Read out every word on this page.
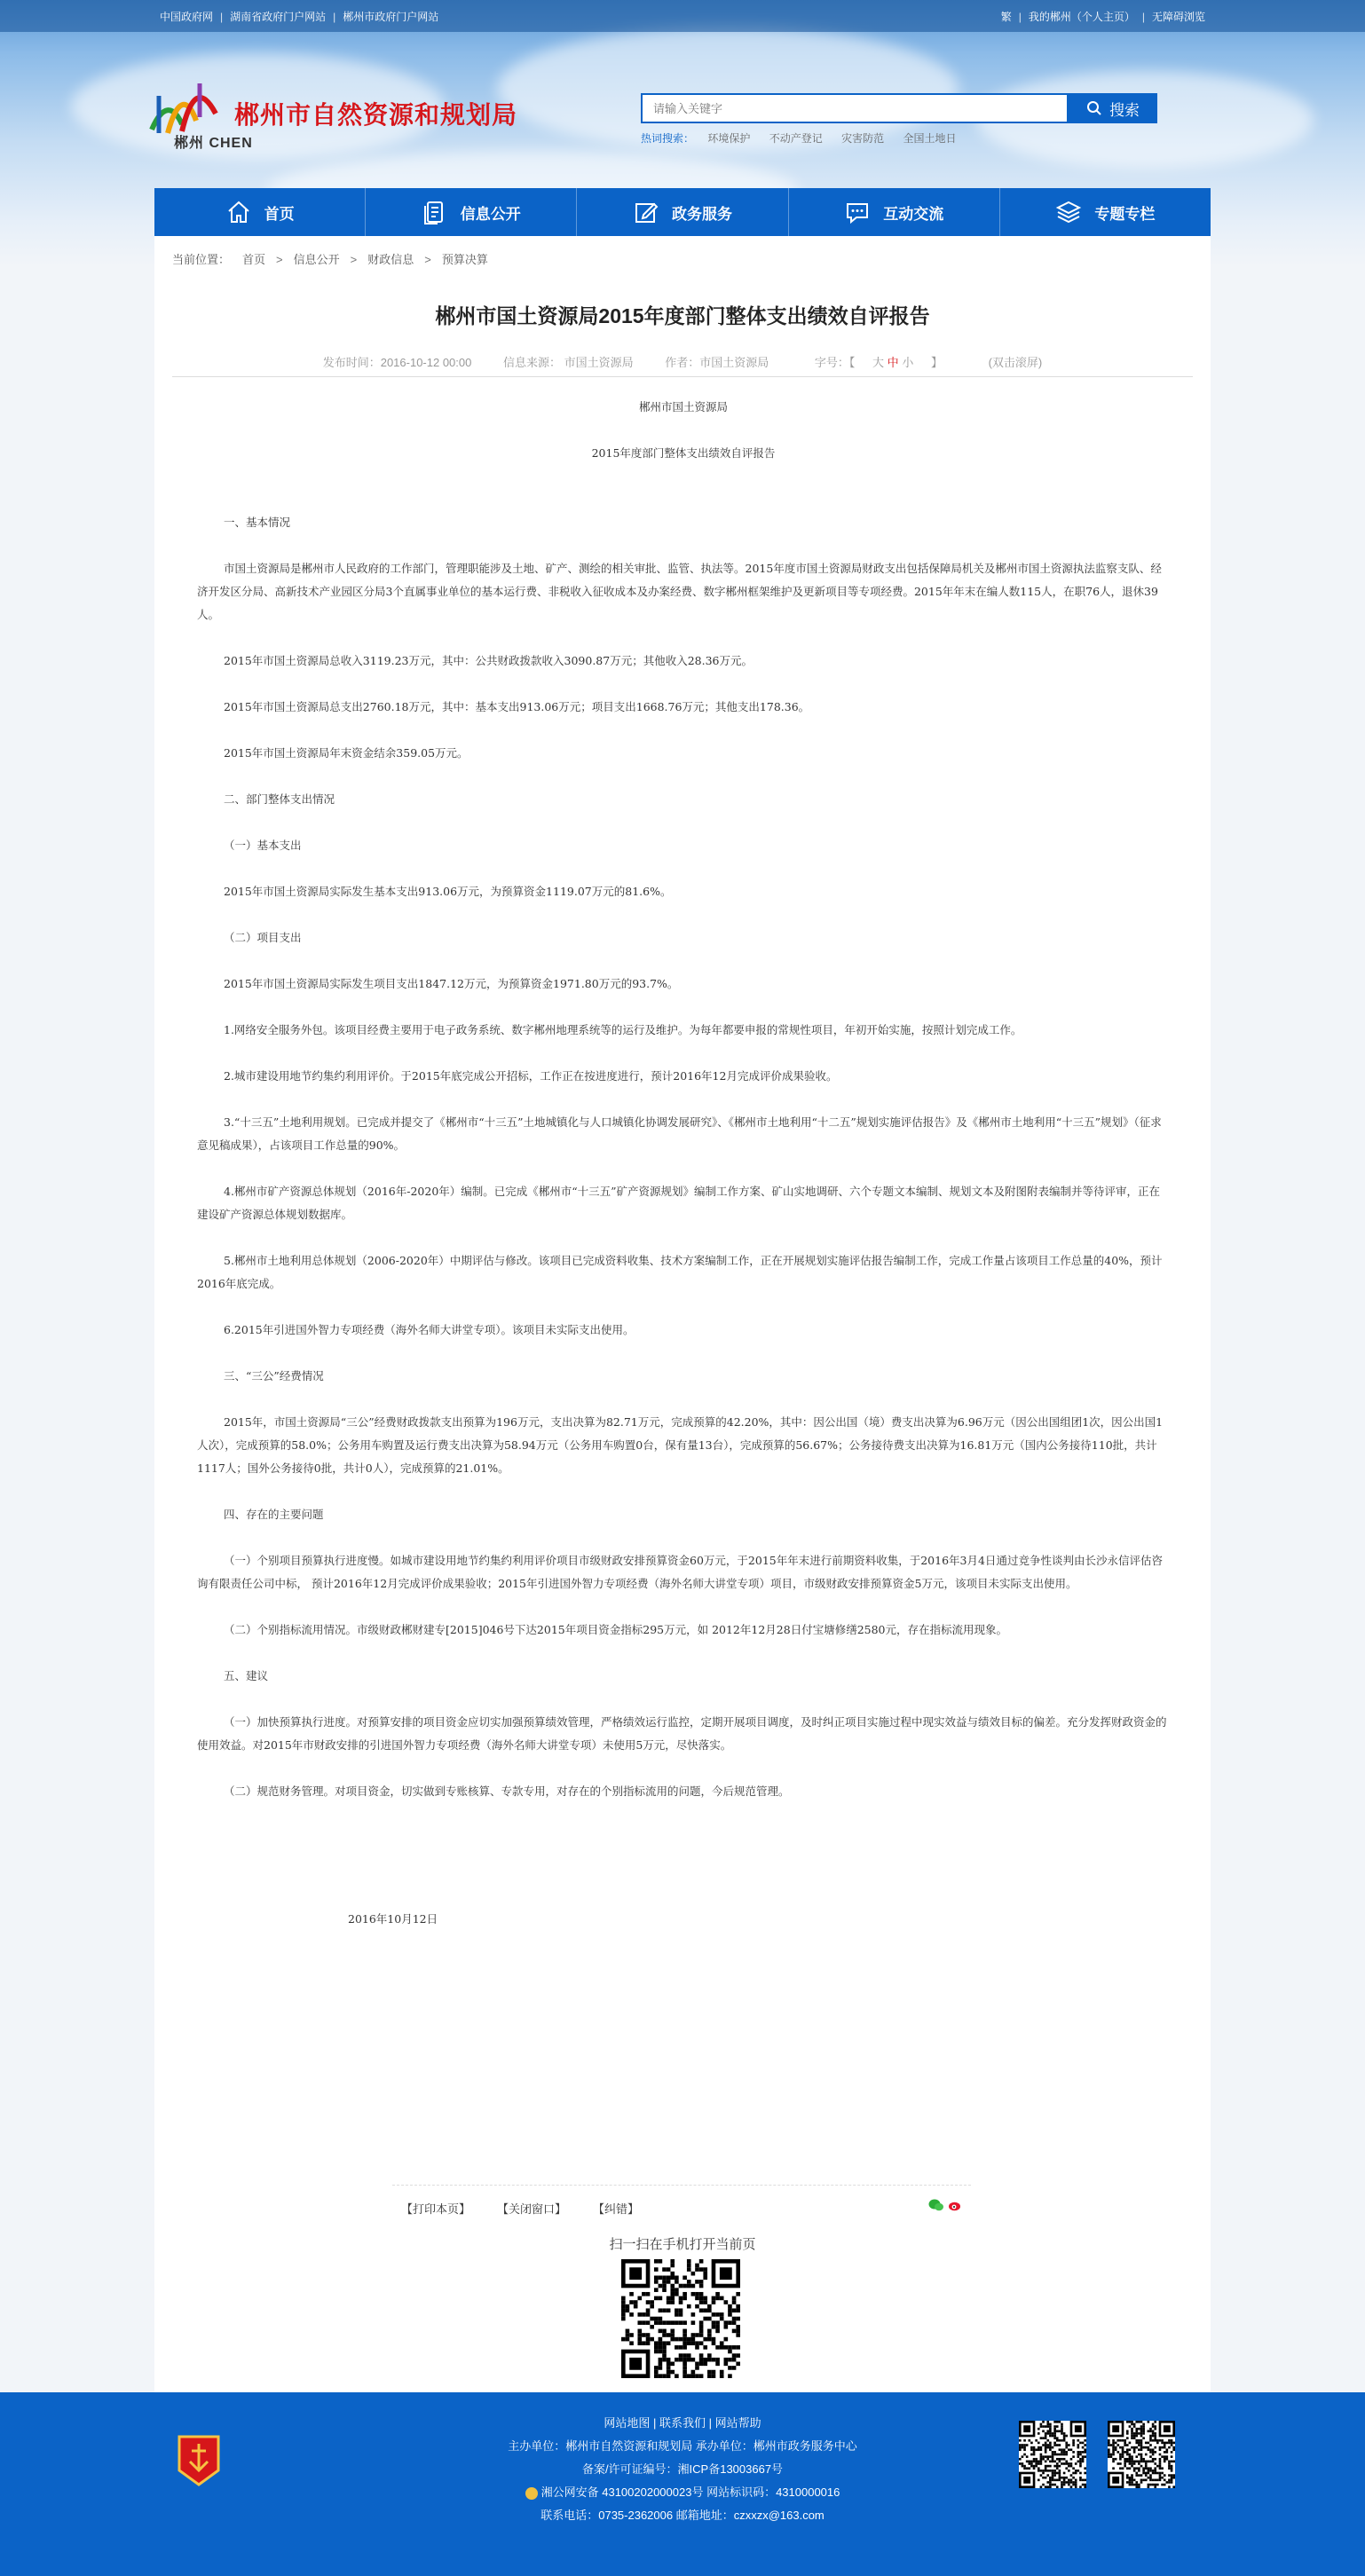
中国政府网 | 湖南省政府门户网站 | 郴州市政府门户网站	繁 | 我的郴州（个人主页） | 无障碍浏览
郴州 CHEN
郴州市自然资源和规划局
请输入关键字	搜索
热词搜索： 环境保护 不动产登记 灾害防范 全国土地日
首页	信息公开	政务服务	互动交流	专题专栏
当前位置： 首页 > 信息公开 > 财政信息 > 预算决算
郴州市国土资源局2015年度部门整体支出绩效自评报告
发布时间：2016-10-12 00:00	信息来源： 市国土资源局	作者：市国土资源局	字号：【 大 中 小 】	(双击滚屏)

郴州市国土资源局

2015年度部门整体支出绩效自评报告

一、基本情况

市国土资源局是郴州市人民政府的工作部门，管理职能涉及土地、矿产、测绘的相关审批、监管、执法等。2015年度市国土资源局财政支出包括保障局机关及郴州市国土资源执法监察支队、经济开发区分局、高新技术产业园区分局3个直属事业单位的基本运行费、非税收入征收成本及办案经费、数字郴州框架维护及更新项目等专项经费。2015年年末在编人数115人，在职76人，退休39人。

2015年市国土资源局总收入3119.23万元，其中：公共财政拨款收入3090.87万元；其他收入28.36万元。

2015年市国土资源局总支出2760.18万元，其中：基本支出913.06万元；项目支出1668.76万元；其他支出178.36。

2015年市国土资源局年末资金结余359.05万元。

二、部门整体支出情况

（一）基本支出

2015年市国土资源局实际发生基本支出913.06万元，为预算资金1119.07万元的81.6%。

（二）项目支出

2015年市国土资源局实际发生项目支出1847.12万元，为预算资金1971.80万元的93.7%。

1.网络安全服务外包。该项目经费主要用于电子政务系统、数字郴州地理系统等的运行及维护。为每年都要申报的常规性项目，年初开始实施，按照计划完成工作。

2.城市建设用地节约集约利用评价。于2015年底完成公开招标，工作正在按进度进行，预计2016年12月完成评价成果验收。

3.“十三五”土地利用规划。已完成并提交了《郴州市“十三五”土地城镇化与人口城镇化协调发展研究》、《郴州市土地利用“十二五”规划实施评估报告》及《郴州市土地利用“十三五”规划》（征求意见稿成果），占该项目工作总量的90%。

4.郴州市矿产资源总体规划（2016年-2020年）编制。已完成《郴州市“十三五”矿产资源规划》编制工作方案、矿山实地调研、六个专题文本编制、规划文本及附图附表编制并等待评审，正在建设矿产资源总体规划数据库。

5.郴州市土地利用总体规划（2006-2020年）中期评估与修改。该项目已完成资料收集、技术方案编制工作，正在开展规划实施评估报告编制工作，完成工作量占该项目工作总量的40%，预计2016年底完成。

6.2015年引进国外智力专项经费（海外名师大讲堂专项）。该项目未实际支出使用。

三、“三公”经费情况

2015年，市国土资源局“三公”经费财政拨款支出预算为196万元，支出决算为82.71万元，完成预算的42.20%，其中：因公出国（境）费支出决算为6.96万元（因公出国组团1次，因公出国1人次），完成预算的58.0%；公务用车购置及运行费支出决算为58.94万元（公务用车购置0台，保有量13台），完成预算的56.67%；公务接待费支出决算为16.81万元（国内公务接待110批，共计1117人；国外公务接待0批，共计0人），完成预算的21.01%。

四、存在的主要问题

（一）个别项目预算执行进度慢。如城市建设用地节约集约利用评价项目市级财政安排预算资金60万元，于2015年年末进行前期资料收集，于2016年3月4日通过竞争性谈判由长沙永信评估咨询有限责任公司中标， 预计2016年12月完成评价成果验收；2015年引进国外智力专项经费（海外名师大讲堂专项）项目，市级财政安排预算资金5万元，该项目未实际支出使用。

（二）个别指标流用情况。市级财政郴财建专[2015]046号下达2015年项目资金指标295万元，如 2012年12月28日付宝塘修缮2580元，存在指标流用现象。

五、建议

（一）加快预算执行进度。对预算安排的项目资金应切实加强预算绩效管理，严格绩效运行监控，定期开展项目调度，及时纠正项目实施过程中现实效益与绩效目标的偏差。充分发挥财政资金的使用效益。对2015年市财政安排的引进国外智力专项经费（海外名师大讲堂专项）未使用5万元，尽快落实。

（二）规范财务管理。对项目资金，切实做到专账核算、专款专用，对存在的个别指标流用的问题，今后规范管理。

2016年10月12日

【打印本页】 【关闭窗口】 【纠错】
扫一扫在手机打开当前页
网站地图 | 联系我们 | 网站帮助
主办单位：郴州市自然资源和规划局 承办单位：郴州市政务服务中心
备案/许可证编号：湘ICP备13003667号
湘公网安备 43100202000023号 网站标识码：4310000016
联系电话：0735-2362006 邮箱地址：czxxzx@163.com
